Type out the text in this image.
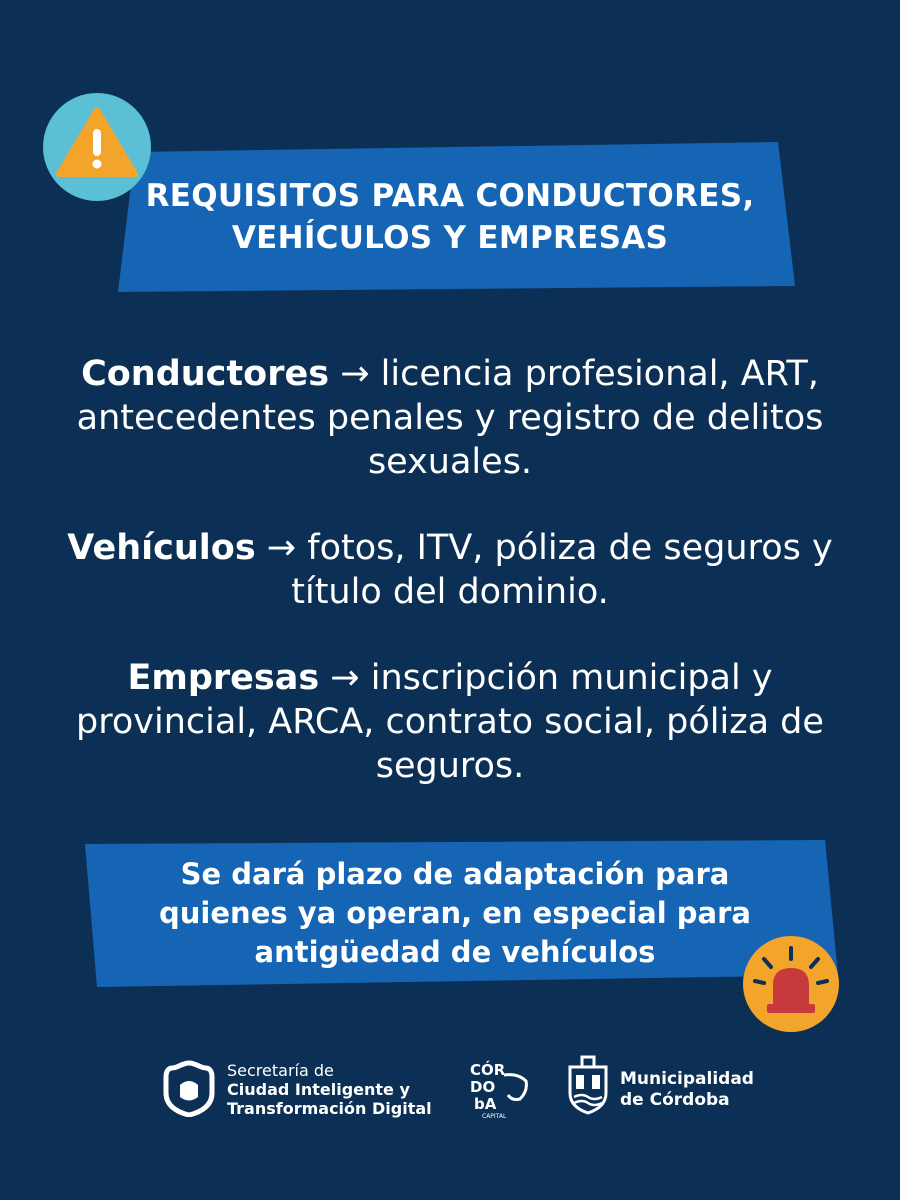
REQUISITOS PARA CONDUCTORES,
VEHÍCULOS Y EMPRESAS

Conductores → licencia profesional, ART, antecedentes penales y registro de delitos sexuales.

Vehículos → fotos, ITV, póliza de seguros y título del dominio.

Empresas → inscripción municipal y provincial, ARCA, contrato social, póliza de seguros.

Se dará plazo de adaptación para
quienes ya operan, en especial para
antigüedad de vehículos
Secretaría de
Ciudad Inteligente y
Transformación Digital
CÓR
DO
bA
CAPITAL
Municipalidad
de Córdoba
